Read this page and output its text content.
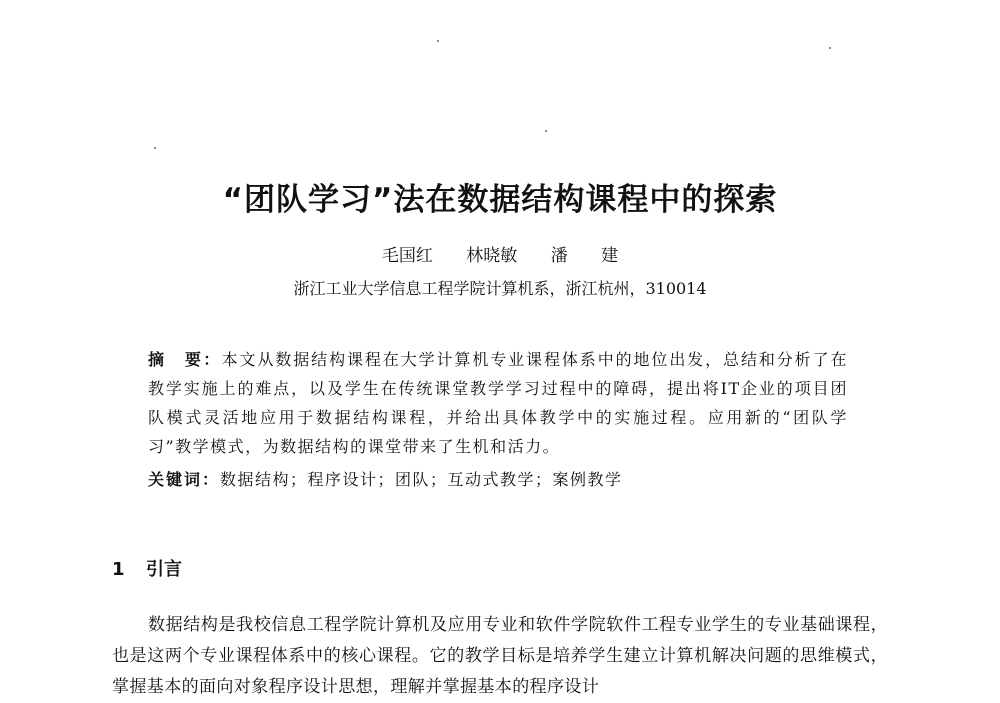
“团队学习”法在数据结构课程中的探索
毛国红 林晓敏 潘 建
浙江工业大学信息工程学院计算机系，浙江杭州，310014
摘　要：本文从数据结构课程在大学计算机专业课程体系中的地位出发，总结和分析了在教学实施上的难点，以及学生在传统课堂教学学习过程中的障碍，提出将IT企业的项目团队模式灵活地应用于数据结构课程，并给出具体教学中的实施过程。应用新的“团队学习”教学模式，为数据结构的课堂带来了生机和活力。
关键词：数据结构；程序设计；团队；互动式教学；案例教学
1 引言

数据结构是我校信息工程学院计算机及应用专业和软件学院软件工程专业学生的专业基础课程，也是这两个专业课程体系中的核心课程。它的教学目标是培养学生建立计算机解决问题的思维模式，掌握基本的面向对象程序设计思想，理解并掌握基本的程序设计
